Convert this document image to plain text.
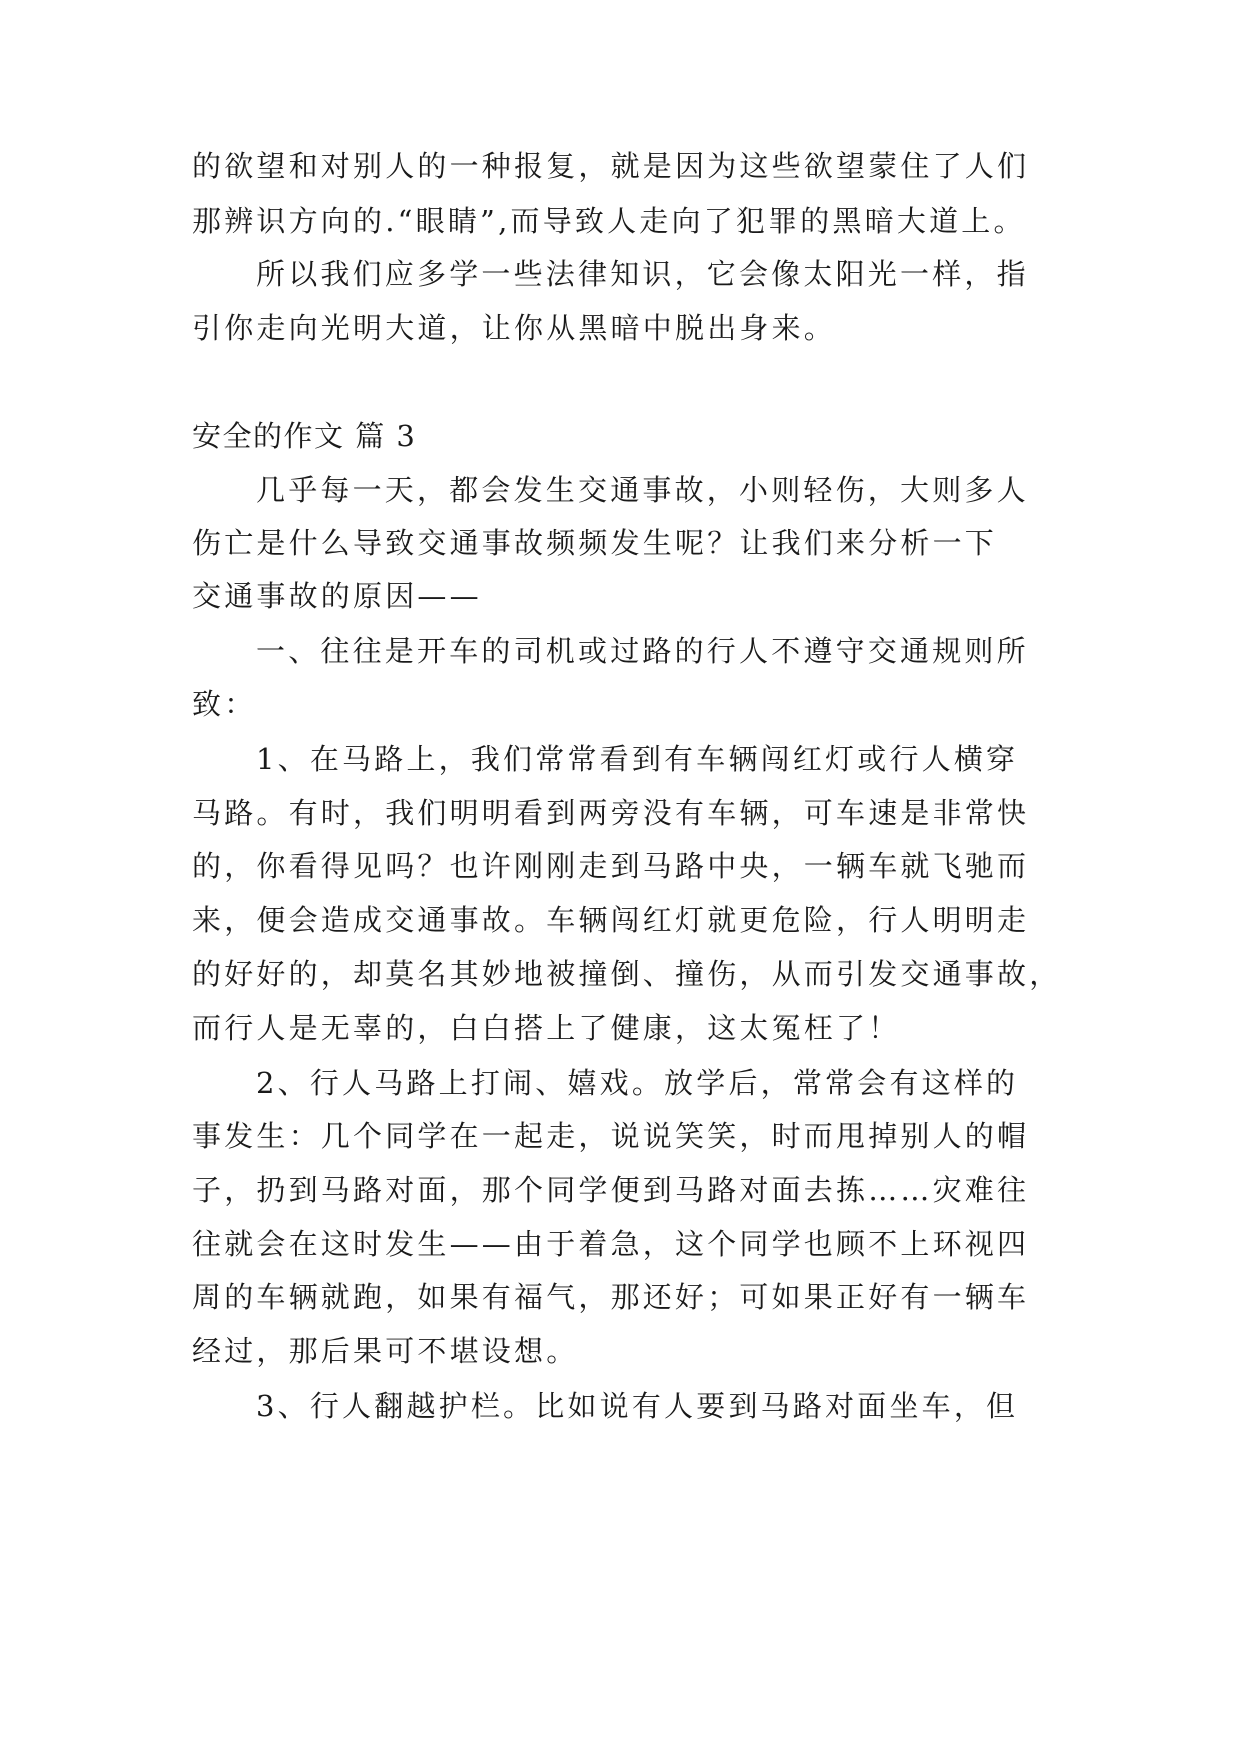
的欲望和对别人的一种报复，就是因为这些欲望蒙住了人们
那辨识方向的.“眼睛”,而导致人走向了犯罪的黑暗大道上。
所以我们应多学一些法律知识，它会像太阳光一样，指
引你走向光明大道，让你从黑暗中脱出身来。
安全的作文 篇 3
几乎每一天，都会发生交通事故，小则轻伤，大则多人
伤亡是什么导致交通事故频频发生呢？让我们来分析一下
交通事故的原因——
一、往往是开车的司机或过路的行人不遵守交通规则所
致：
1、在马路上，我们常常看到有车辆闯红灯或行人横穿
马路。有时，我们明明看到两旁没有车辆，可车速是非常快
的，你看得见吗？也许刚刚走到马路中央，一辆车就飞驰而
来，便会造成交通事故。车辆闯红灯就更危险，行人明明走
的好好的，却莫名其妙地被撞倒、撞伤，从而引发交通事故，
而行人是无辜的，白白搭上了健康，这太冤枉了！
2、行人马路上打闹、嬉戏。放学后，常常会有这样的
事发生：几个同学在一起走，说说笑笑，时而甩掉别人的帽
子，扔到马路对面，那个同学便到马路对面去拣……灾难往
往就会在这时发生——由于着急，这个同学也顾不上环视四
周的车辆就跑，如果有福气，那还好；可如果正好有一辆车
经过，那后果可不堪设想。
3、行人翻越护栏。比如说有人要到马路对面坐车，但
